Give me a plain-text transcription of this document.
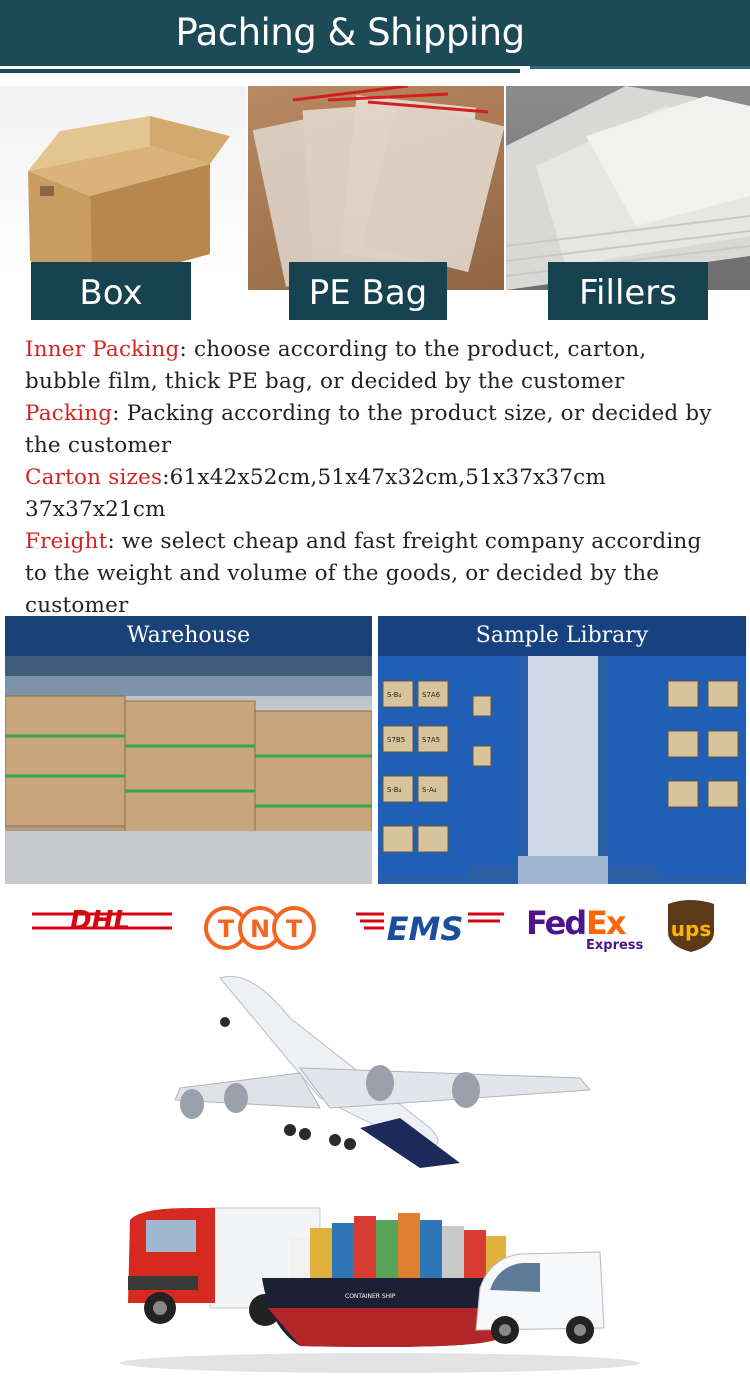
Paching & Shipping
Box	PE Bag	Fillers

Inner Packing: choose according to the product, carton, bubble film, thick PE bag, or decided by the customer

Packing: Packing according to the product size, or decided by the customer

Carton sizes:61x42x52cm,51x47x32cm,51x37x37cm 37x37x21cm

Freight: we select cheap and fast freight company according to the weight and volume of the goods, or decided by the customer

Warehouse
S-B₄	S7A6
S7B5 S7A5
S-B₄	S-A₄
Sample Library
DHL	T N T	EMS Fed Ex
Express
ups
CONTAINER SHIP
